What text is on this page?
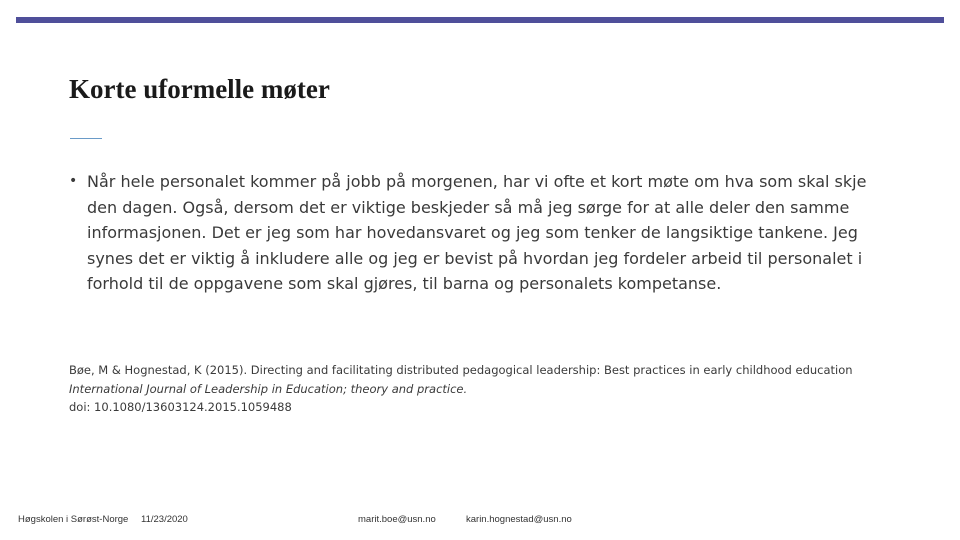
Korte uformelle møter
• Når hele personalet kommer på jobb på morgenen, har vi ofte et kort møte om hva som skal skje den dagen. Også, dersom det er viktige beskjeder så må jeg sørge for at alle deler den samme informasjonen. Det er jeg som har hovedansvaret og jeg som tenker de langsiktige tankene. Jeg synes det er viktig å inkludere alle og jeg er bevist på hvordan jeg fordeler arbeid til personalet i forhold til de oppgavene som skal gjøres, til barna og personalets kompetanse.
Bøe, M & Hognestad, K (2015). Directing and facilitating distributed pedagogical leadership: Best practices in early childhood education
International Journal of Leadership in Education; theory and practice.
doi: 10.1080/13603124.2015.1059488
Høgskolen i Sørøst-Norge 11/23/2020	marit.boe@usn.no	karin.hognestad@usn.no
